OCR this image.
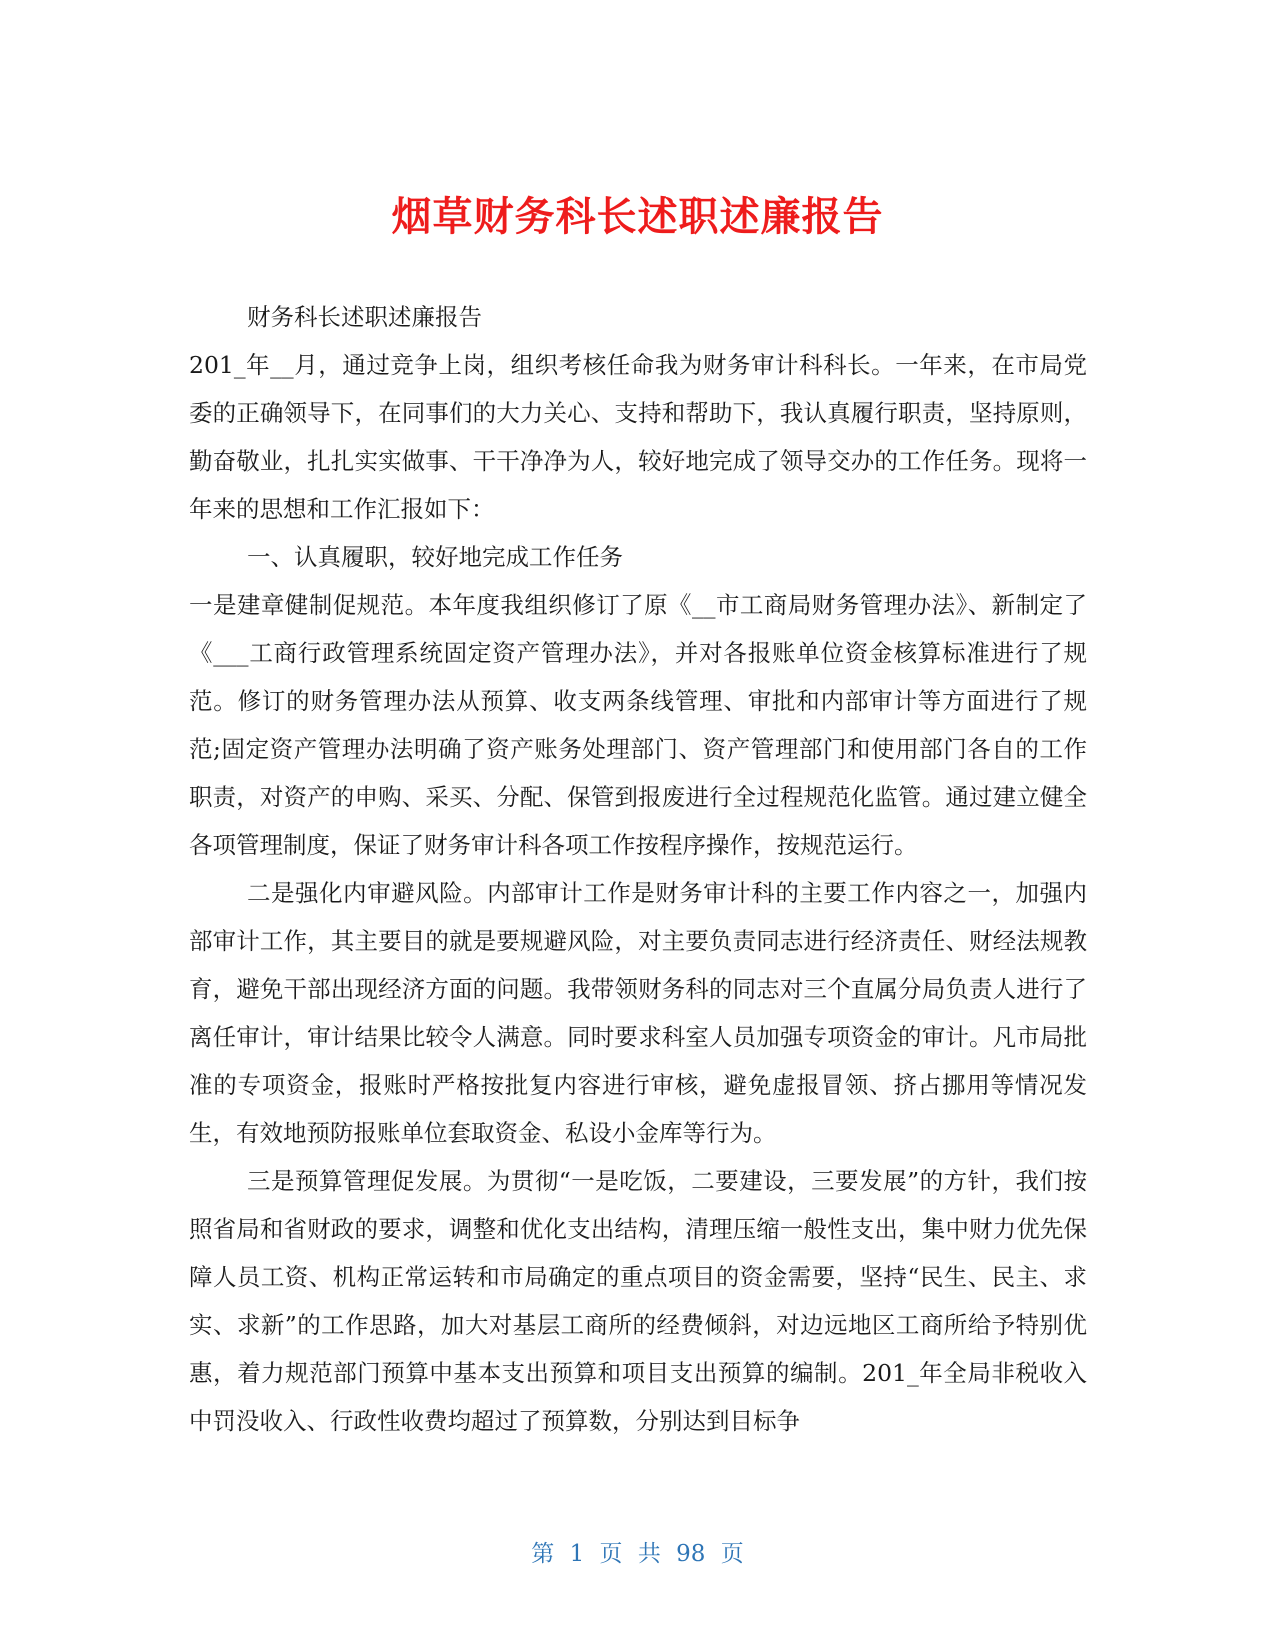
烟草财务科长述职述廉报告

财务科长述职述廉报告

201_年__月，通过竞争上岗，组织考核任命我为财务审计科科长。一年来，在市局党委的正确领导下，在同事们的大力关心、支持和帮助下，我认真履行职责，坚持原则，勤奋敬业，扎扎实实做事、干干净净为人，较好地完成了领导交办的工作任务。现将一年来的思想和工作汇报如下：

一、认真履职，较好地完成工作任务

一是建章健制促规范。本年度我组织修订了原《__市工商局财务管理办法》、新制定了《___工商行政管理系统固定资产管理办法》，并对各报账单位资金核算标准进行了规范。修订的财务管理办法从预算、收支两条线管理、审批和内部审计等方面进行了规范;固定资产管理办法明确了资产账务处理部门、资产管理部门和使用部门各自的工作职责，对资产的申购、采买、分配、保管到报废进行全过程规范化监管。通过建立健全各项管理制度，保证了财务审计科各项工作按程序操作，按规范运行。

二是强化内审避风险。内部审计工作是财务审计科的主要工作内容之一，加强内部审计工作，其主要目的就是要规避风险，对主要负责同志进行经济责任、财经法规教育，避免干部出现经济方面的问题。我带领财务科的同志对三个直属分局负责人进行了离任审计，审计结果比较令人满意。同时要求科室人员加强专项资金的审计。凡市局批准的专项资金，报账时严格按批复内容进行审核，避免虚报冒领、挤占挪用等情况发生，有效地预防报账单位套取资金、私设小金库等行为。

三是预算管理促发展。为贯彻“一是吃饭，二要建设，三要发展”的方针，我们按照省局和省财政的要求，调整和优化支出结构，清理压缩一般性支出，集中财力优先保障人员工资、机构正常运转和市局确定的重点项目的资金需要，坚持“民生、民主、求实、求新”的工作思路，加大对基层工商所的经费倾斜，对边远地区工商所给予特别优惠，着力规范部门预算中基本支出预算和项目支出预算的编制。201_年全局非税收入中罚没收入、行政性收费均超过了预算数，分别达到目标争

第 1 页 共 98 页
